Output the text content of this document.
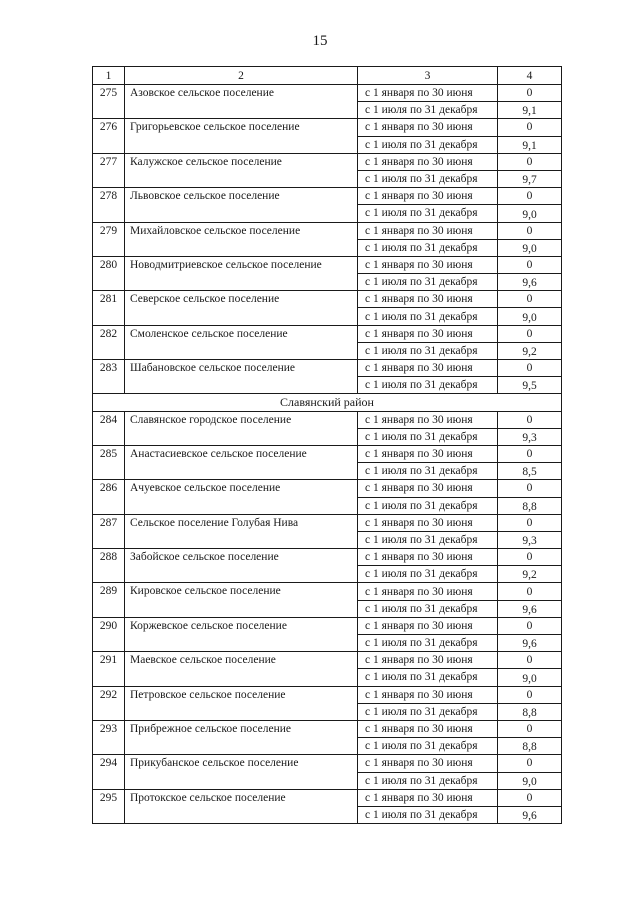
15
1	2	3	4
275	Азовское сельское поселение	с 1 января по 30 июня	0
		с 1 июля по 31 декабря	9,1
276	Григорьевское сельское поселение	с 1 января по 30 июня	0
		с 1 июля по 31 декабря	9,1
277	Калужское сельское поселение	с 1 января по 30 июня	0
		с 1 июля по 31 декабря	9,7
278	Львовское сельское поселение	с 1 января по 30 июня	0
		с 1 июля по 31 декабря	9,0
279	Михайловское сельское поселение	с 1 января по 30 июня	0
		с 1 июля по 31 декабря	9,0
280	Новодмитриевское сельское поселение	с 1 января по 30 июня	0
		с 1 июля по 31 декабря	9,6
281	Северское сельское поселение	с 1 января по 30 июня	0
		с 1 июля по 31 декабря	9,0
282	Смоленское сельское поселение	с 1 января по 30 июня	0
		с 1 июля по 31 декабря	9,2
283	Шабановское сельское поселение	с 1 января по 30 июня	0
		с 1 июля по 31 декабря	9,5
Славянский район			
284	Славянское городское поселение	с 1 января по 30 июня	0
		с 1 июля по 31 декабря	9,3
285	Анастасиевское сельское поселение	с 1 января по 30 июня	0
		с 1 июля по 31 декабря	8,5
286	Ачуевское сельское поселение	с 1 января по 30 июня	0
		с 1 июля по 31 декабря	8,8
287	Сельское поселение Голубая Нива	с 1 января по 30 июня	0
		с 1 июля по 31 декабря	9,3
288	Забойское сельское поселение	с 1 января по 30 июня	0
		с 1 июля по 31 декабря	9,2
289	Кировское сельское поселение	с 1 января по 30 июня	0
		с 1 июля по 31 декабря	9,6
290	Коржевское сельское поселение	с 1 января по 30 июня	0
		с 1 июля по 31 декабря	9,6
291	Маевское сельское поселение	с 1 января по 30 июня	0
		с 1 июля по 31 декабря	9,0
292	Петровское сельское поселение	с 1 января по 30 июня	0
		с 1 июля по 31 декабря	8,8
293	Прибрежное сельское поселение	с 1 января по 30 июня	0
		с 1 июля по 31 декабря	8,8
294	Прикубанское сельское поселение	с 1 января по 30 июня	0
		с 1 июля по 31 декабря	9,0
295	Протокское сельское поселение	с 1 января по 30 июня	0
		с 1 июля по 31 декабря	9,6
